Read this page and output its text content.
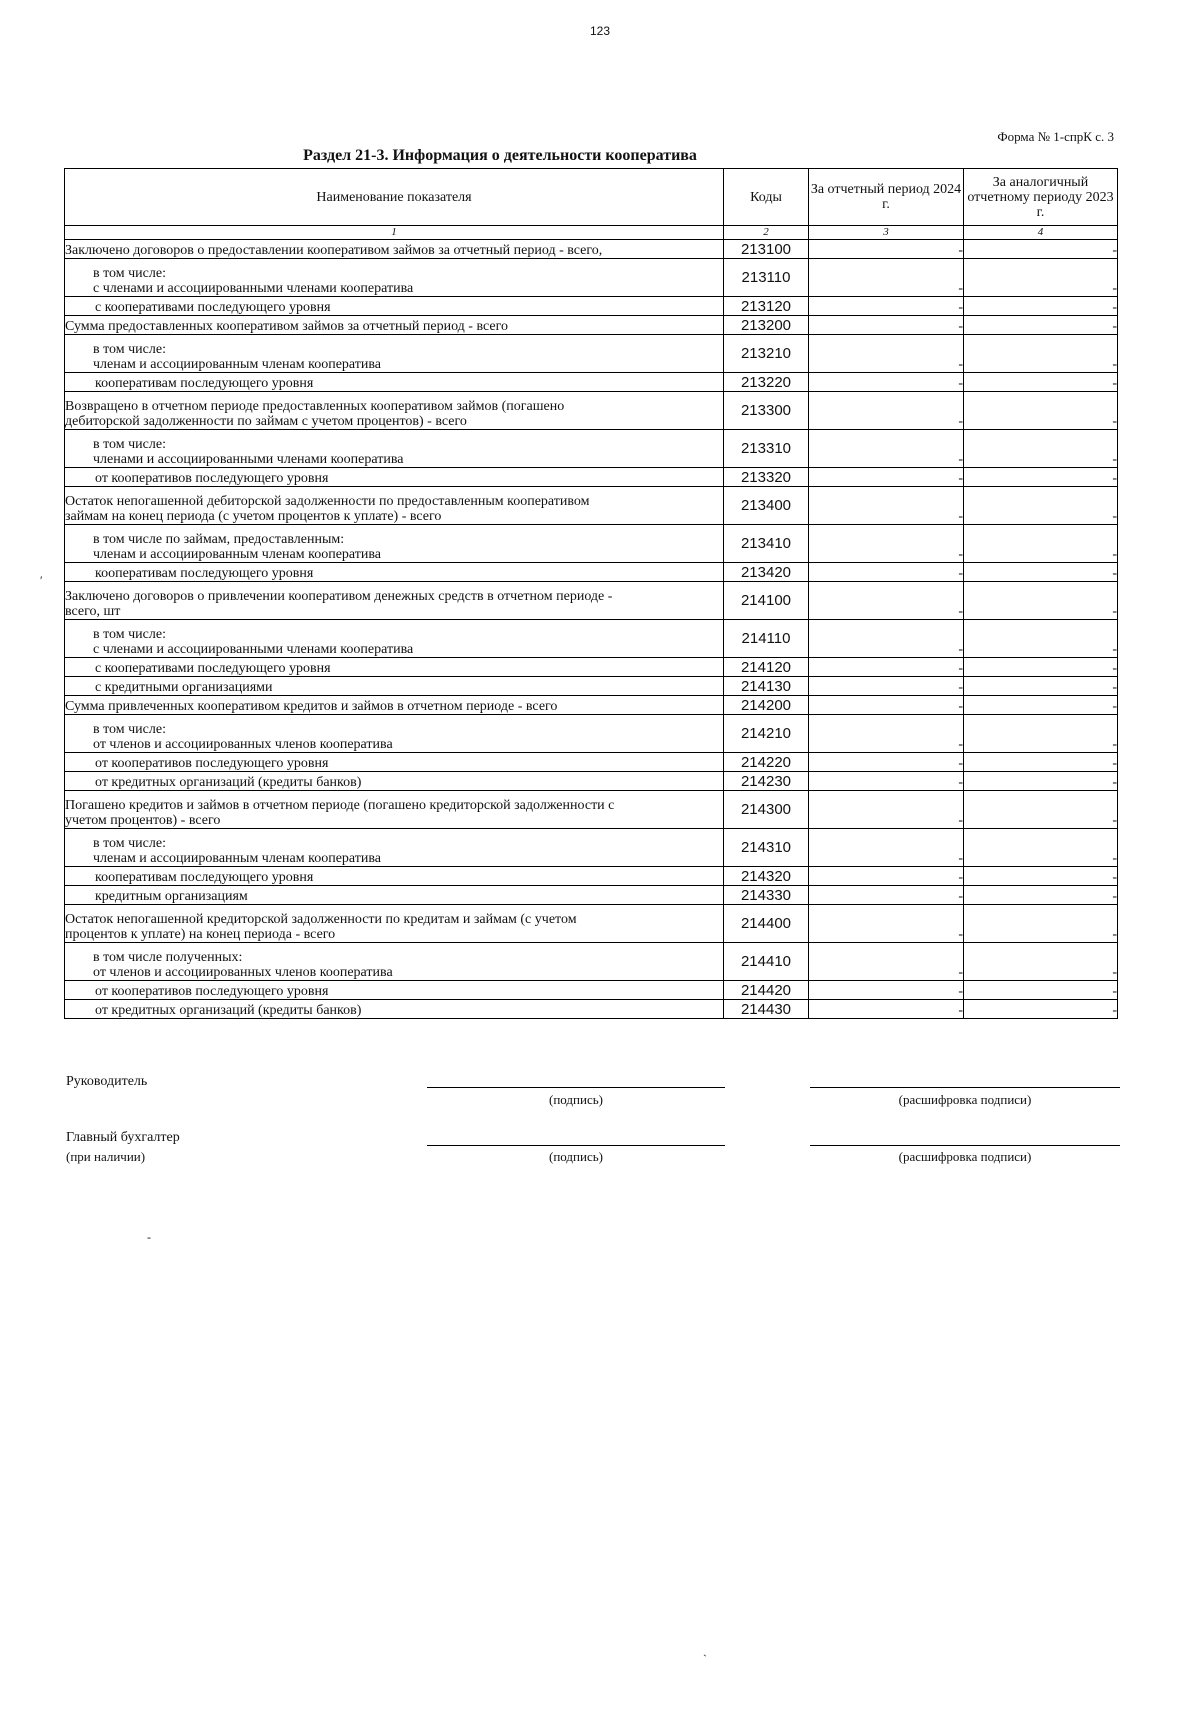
123
Форма № 1-спрК с. 3
Раздел 21-3. Информация о деятельности кооператива
Наименование показателя	Коды	За отчетный период 2024 г.	За аналогичный отчетному периоду 2023 г.
1	2	3	4
Заключено договоров о предоставлении кооперативом займов за отчетный период - всего,	213100	-	-

в том числе:
с членами и ассоциированными членами кооператива	213110	-	-
с кооперативами последующего уровня	213120	-	-
Сумма предоставленных кооперативом займов за отчетный период - всего	213200	-	-

в том числе:
членам и ассоциированным членам кооператива	213210	-	-
кооперативам последующего уровня	213220	-	-

Возвращено в отчетном периоде предоставленных кооперативом займов (погашено
дебиторской задолженности по займам с учетом процентов) - всего	213300	-	-

в том числе:
членами и ассоциированными членами кооператива	213310	-	-
от кооперативов последующего уровня	213320	-	-

Остаток непогашенной дебиторской задолженности по предоставленным кооперативом
займам на конец периода (с учетом процентов к уплате) - всего	213400	-	-

в том числе по займам, предоставленным:
членам и ассоциированным членам кооператива	213410	-	-
кооперативам последующего уровня	213420	-	-

Заключено договоров о привлечении кооперативом денежных средств в отчетном периоде -
всего, шт	214100	-	-

в том числе:
с членами и ассоциированными членами кооператива	214110	-	-
с кооперативами последующего уровня	214120	-	-
с кредитными организациями	214130	-	-
Сумма привлеченных кооперативом кредитов и займов в отчетном периоде - всего	214200	-	-

в том числе:
от членов и ассоциированных членов кооператива	214210	-	-
от кооперативов последующего уровня	214220	-	-
от кредитных организаций (кредиты банков)	214230	-	-

Погашено кредитов и займов в отчетном периоде (погашено кредиторской задолженности с
учетом процентов) - всего	214300	-	-

в том числе:
членам и ассоциированным членам кооператива	214310	-	-
кооперативам последующего уровня	214320	-	-
кредитным организациям	214330	-	-

Остаток непогашенной кредиторской задолженности по кредитам и займам (с учетом
процентов к уплате) на конец периода - всего	214400	-	-

в том числе полученных:
от членов и ассоциированных членов кооператива	214410	-	-
от кооперативов последующего уровня	214420	-	-
от кредитных организаций (кредиты банков)	214430	-	-
Руководитель
(подпись)	(расшифровка подписи)
Главный бухгалтер
(при наличии)	(подпись)	(расшифровка подписи)
′
-
ˋ
